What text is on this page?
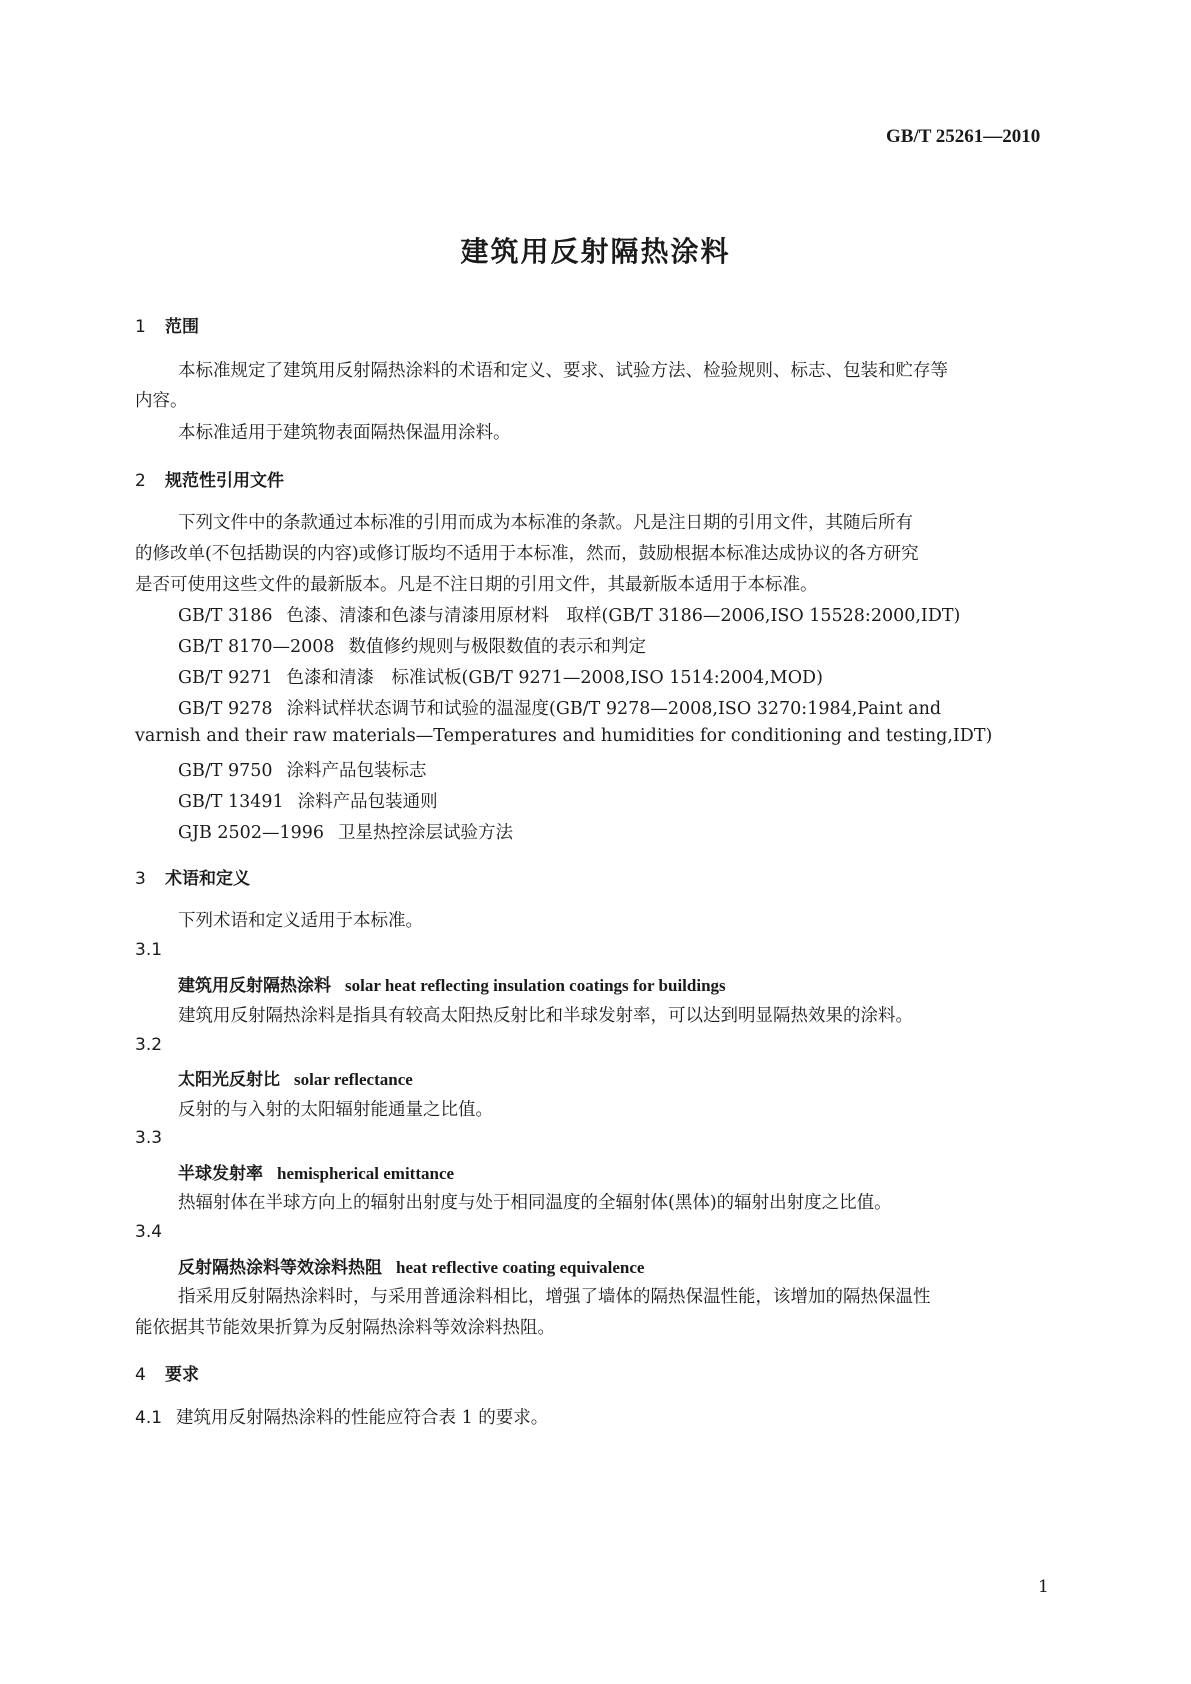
GB/T 25261—2010
建筑用反射隔热涂料
1 范围
本标准规定了建筑用反射隔热涂料的术语和定义、要求、试验方法、检验规则、标志、包装和贮存等
内容。
本标准适用于建筑物表面隔热保温用涂料。
2 规范性引用文件
下列文件中的条款通过本标准的引用而成为本标准的条款。凡是注日期的引用文件，其随后所有
的修改单(不包括勘误的内容)或修订版均不适用于本标准，然而，鼓励根据本标准达成协议的各方研究
是否可使用这些文件的最新版本。凡是不注日期的引用文件，其最新版本适用于本标准。
GB/T 3186 色漆、清漆和色漆与清漆用原材料　取样(GB/T 3186—2006,ISO 15528:2000,IDT)
GB/T 8170—2008 数值修约规则与极限数值的表示和判定
GB/T 9271 色漆和清漆　标准试板(GB/T 9271—2008,ISO 1514:2004,MOD)
GB/T 9278 涂料试样状态调节和试验的温湿度(GB/T 9278—2008,ISO 3270:1984,Paint and
varnish and their raw materials—Temperatures and humidities for conditioning and testing,IDT)
GB/T 9750 涂料产品包装标志
GB/T 13491 涂料产品包装通则
GJB 2502—1996 卫星热控涂层试验方法
3 术语和定义
下列术语和定义适用于本标准。
3.1
建筑用反射隔热涂料 solar heat reflecting insulation coatings for buildings
建筑用反射隔热涂料是指具有较高太阳热反射比和半球发射率，可以达到明显隔热效果的涂料。
3.2
太阳光反射比 solar reflectance
反射的与入射的太阳辐射能通量之比值。
3.3
半球发射率 hemispherical emittance
热辐射体在半球方向上的辐射出射度与处于相同温度的全辐射体(黑体)的辐射出射度之比值。
3.4
反射隔热涂料等效涂料热阻 heat reflective coating equivalence
指采用反射隔热涂料时，与采用普通涂料相比，增强了墙体的隔热保温性能，该增加的隔热保温性
能依据其节能效果折算为反射隔热涂料等效涂料热阻。
4 要求
4.1 建筑用反射隔热涂料的性能应符合表 1 的要求。
1
